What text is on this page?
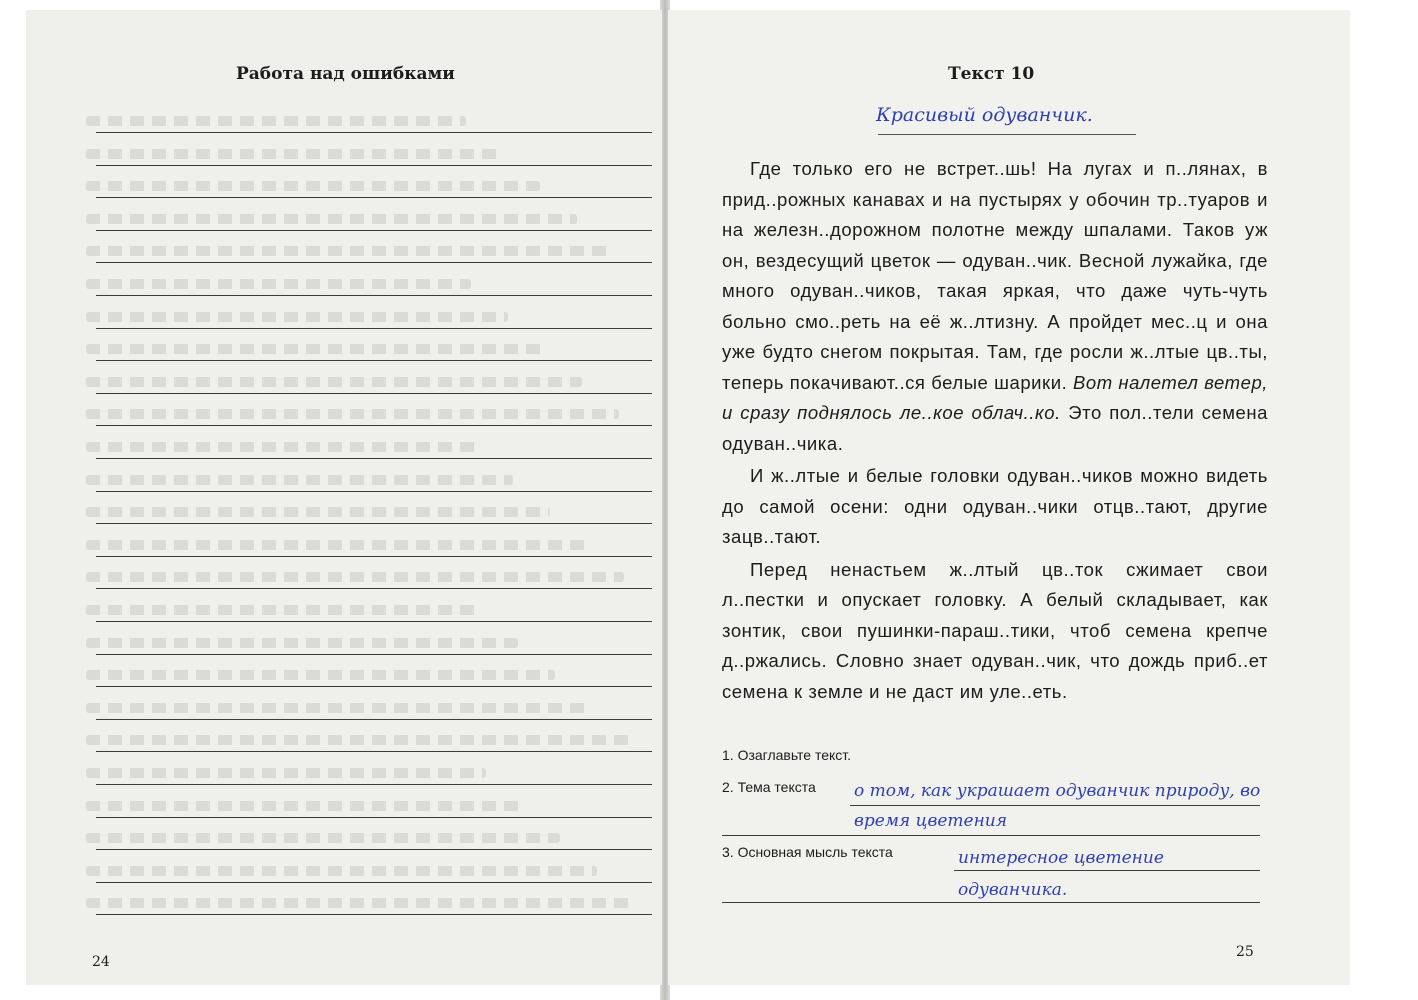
Работа над ошибками
24
Текст 10
Красивый одуванчик.

Где только его не встрет..шь! На лугах и п..лянах, в прид..рожных канавах и на пустырях у обочин тр..туаров и на железн..дорожном полотне между шпалами. Таков уж он, вездесущий цветок — одуван..чик. Весной лужайка, где много одуван..чиков, такая яркая, что даже чуть-чуть больно смо..реть на её ж..лтизну. А пройдет мес..ц и она уже будто снегом покрытая. Там, где росли ж..лтые цв..ты, теперь покачивают..ся белые шарики. Вот налетел ветер, и сразу поднялось ле..кое облач..ко. Это пол..тели семена одуван..чика.

И ж..лтые и белые головки одуван..чиков можно видеть до самой осени: одни одуван..чики отцв..тают, другие зацв..тают.

Перед ненастьем ж..лтый цв..ток сжимает свои л..пестки и опускает головку. А белый складывает, как зонтик, свои пушинки-параш..тики, чтоб семена крепче д..ржались. Словно знает одуван..чик, что дождь приб..ет семена к земле и не даст им уле..еть.

1. Озаглавьте текст.
2. Тема текста о том, как украшает одуванчик природу, во время цветения
3. Основная мысль текста	интересное цветение одуванчика.
25
